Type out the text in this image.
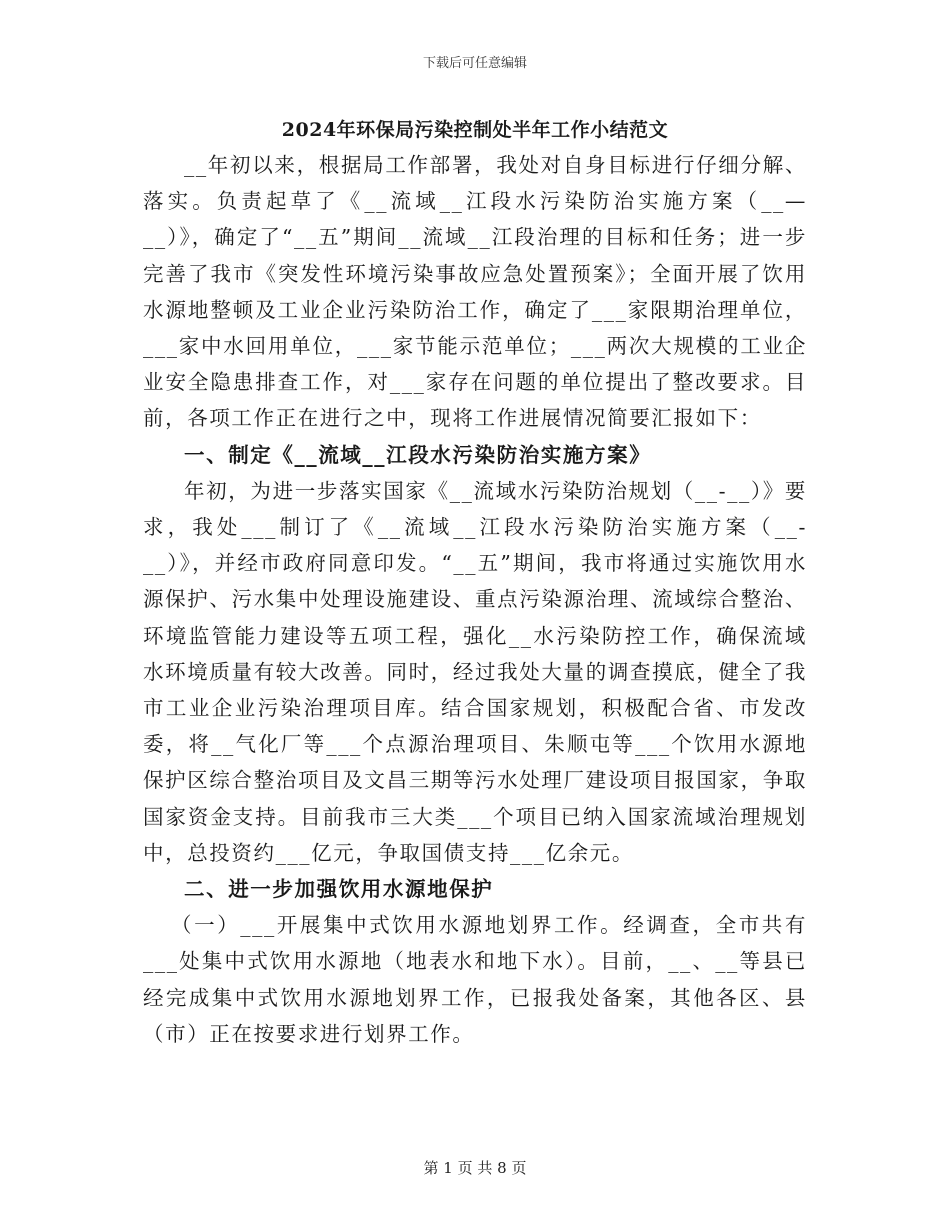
下载后可任意编辑
2024年环保局污染控制处半年工作小结范文

__年初以来，根据局工作部署，我处对自身目标进行仔细分解、落实。负责起草了《__流域__江段水污染防治实施方案（__—__）》，确定了“__五”期间__流域__江段治理的目标和任务；进一步完善了我市《突发性环境污染事故应急处置预案》；全面开展了饮用水源地整顿及工业企业污染防治工作，确定了___家限期治理单位，___家中水回用单位，___家节能示范单位；___两次大规模的工业企业安全隐患排查工作，对___家存在问题的单位提出了整改要求。目前，各项工作正在进行之中，现将工作进展情况简要汇报如下：

一、制定《__流域__江段水污染防治实施方案》

年初，为进一步落实国家《__流域水污染防治规划（__-__）》要求，我处___制订了《__流域__江段水污染防治实施方案（__-__）》，并经市政府同意印发。“__五”期间，我市将通过实施饮用水源保护、污水集中处理设施建设、重点污染源治理、流域综合整治、环境监管能力建设等五项工程，强化__水污染防控工作，确保流域水环境质量有较大改善。同时，经过我处大量的调查摸底，健全了我市工业企业污染治理项目库。结合国家规划，积极配合省、市发改委，将__气化厂等___个点源治理项目、朱顺屯等___个饮用水源地保护区综合整治项目及文昌三期等污水处理厂建设项目报国家，争取国家资金支持。目前我市三大类___个项目已纳入国家流域治理规划中，总投资约___亿元，争取国债支持___亿余元。

二、进一步加强饮用水源地保护

（一）___开展集中式饮用水源地划界工作。经调查，全市共有___处集中式饮用水源地（地表水和地下水）。目前，__、__等县已经完成集中式饮用水源地划界工作，已报我处备案，其他各区、县（市）正在按要求进行划界工作。

第 1 页 共 8 页
